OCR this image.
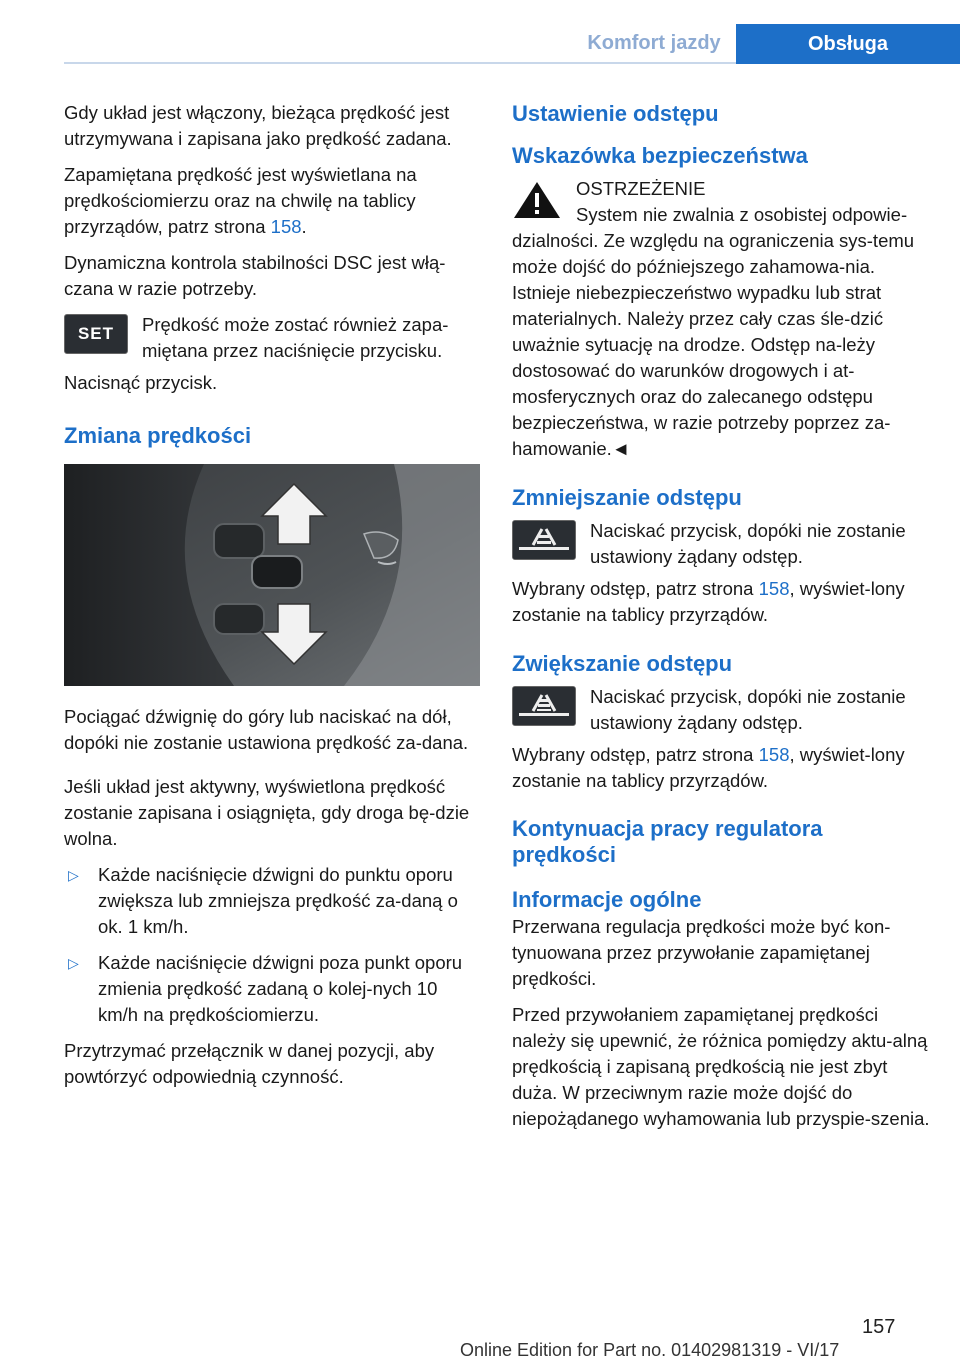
Komfort jazdy	Obsługa

Gdy układ jest włączony, bieżąca prędkość jest utrzymywana i zapisana jako prędkość zadana.

Zapamiętana prędkość jest wyświetlana na prędkościomierzu oraz na chwilę na tablicy przyrządów, patrz strona 158.

Dynamiczna kontrola stabilności DSC jest włą‐czana w razie potrzeby.

SET	Prędkość może zostać również zapa‐miętana przez naciśnięcie przycisku.

Nacisnąć przycisk.

Zmiana prędkości

Pociągać dźwignię do góry lub naciskać na dół, dopóki nie zostanie ustawiona prędkość za‐dana.

Jeśli układ jest aktywny, wyświetlona prędkość zostanie zapisana i osiągnięta, gdy droga bę‐dzie wolna.

▷ Każde naciśnięcie dźwigni do punktu oporu zwiększa lub zmniejsza prędkość za‐daną o ok. 1 km/h.
▷ Każde naciśnięcie dźwigni poza punkt oporu zmienia prędkość zadaną o kolej‐nych 10 km/h na prędkościomierzu.

Przytrzymać przełącznik w danej pozycji, aby powtórzyć odpowiednią czynność.

Ustawienie odstępu
Wskazówka bezpieczeństwa
OSTRZEŻENIE
System nie zwalnia z osobistej odpowie‐dzialności. Ze względu na ograniczenia sys‐temu może dojść do późniejszego zahamowa‐nia. Istnieje niebezpieczeństwo wypadku lub strat materialnych. Należy przez cały czas śle‐dzić uważnie sytuację na drodze. Odstęp na‐leży dostosować do warunków drogowych i at‐mosferycznych oraz do zalecanego odstępu bezpieczeństwa, w razie potrzeby poprzez za‐hamowanie.◄
Zmniejszanie odstępu
Naciskać przycisk, dopóki nie zostanie ustawiony żądany odstęp.

Wybrany odstęp, patrz strona 158, wyświet‐lony zostanie na tablicy przyrządów.

Zwiększanie odstępu
Naciskać przycisk, dopóki nie zostanie ustawiony żądany odstęp.

Wybrany odstęp, patrz strona 158, wyświet‐lony zostanie na tablicy przyrządów.

Kontynuacja pracy regulatora prędkości
Informacje ogólne

Przerwana regulacja prędkości może być kon‐tynuowana przez przywołanie zapamiętanej prędkości.

Przed przywołaniem zapamiętanej prędkości należy się upewnić, że różnica pomiędzy aktu‐alną prędkością i zapisaną prędkością nie jest zbyt duża. W przeciwnym razie może dojść do niepożądanego wyhamowania lub przyspie‐szenia.

157
Online Edition for Part no. 01402981319 - VI/17
